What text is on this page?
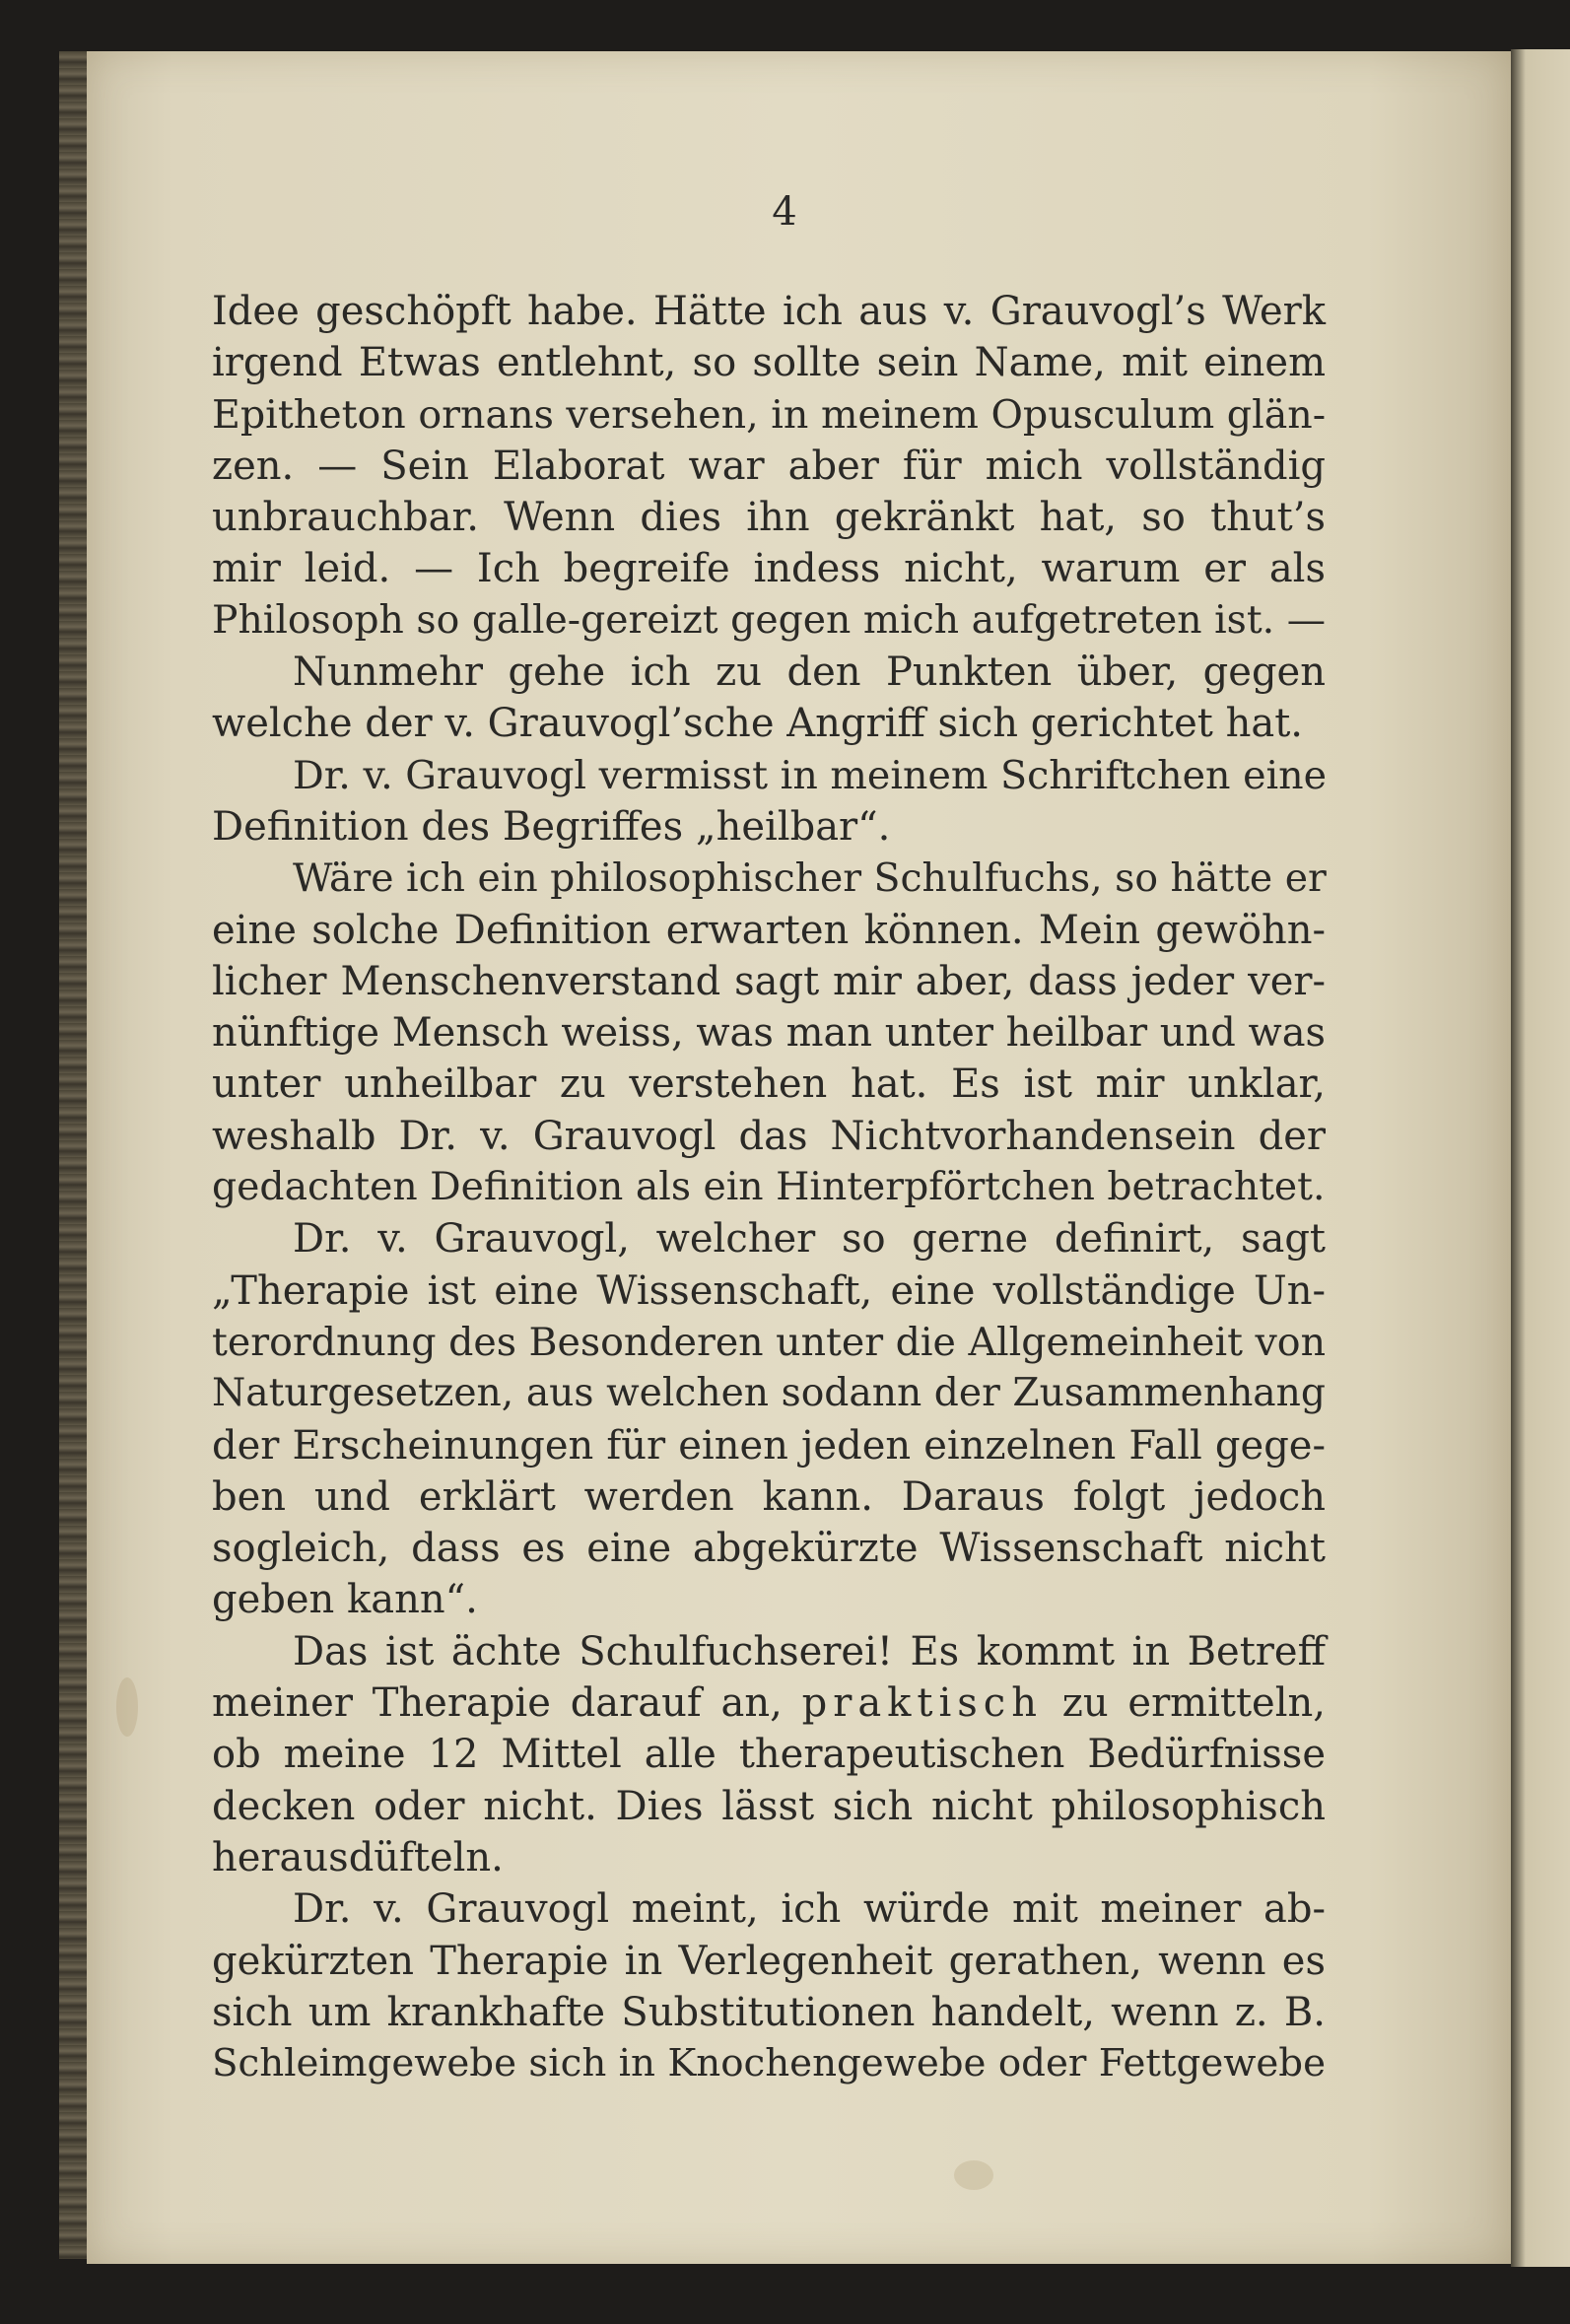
4
Idee geschöpft habe. Hätte ich aus v. Grauvogl’s Werk
irgend Etwas entlehnt, so sollte sein Name, mit einem
Epitheton ornans versehen, in meinem Opusculum glän-
zen. — Sein Elaborat war aber für mich vollständig
unbrauchbar. Wenn dies ihn gekränkt hat, so thut’s
mir leid. — Ich begreife indess nicht, warum er als
Philosoph so galle-gereizt gegen mich aufgetreten ist. —
Nunmehr gehe ich zu den Punkten über, gegen
welche der v. Grauvogl’sche Angriff sich gerichtet hat.
Dr. v. Grauvogl vermisst in meinem Schriftchen eine
Definition des Begriffes „heilbar“.
Wäre ich ein philosophischer Schulfuchs, so hätte er
eine solche Definition erwarten können. Mein gewöhn-
licher Menschenverstand sagt mir aber, dass jeder ver-
nünftige Mensch weiss, was man unter heilbar und was
unter unheilbar zu verstehen hat. Es ist mir unklar,
weshalb Dr. v. Grauvogl das Nichtvorhandensein der
gedachten Definition als ein Hinterpförtchen betrachtet.
Dr. v. Grauvogl, welcher so gerne definirt, sagt
„Therapie ist eine Wissenschaft, eine vollständige Un-
terordnung des Besonderen unter die Allgemeinheit von
Naturgesetzen, aus welchen sodann der Zusammenhang
der Erscheinungen für einen jeden einzelnen Fall gege-
ben und erklärt werden kann. Daraus folgt jedoch
sogleich, dass es eine abgekürzte Wissenschaft nicht
geben kann“.
Das ist ächte Schulfuchserei! Es kommt in Betreff
meiner Therapie darauf an, praktisch zu ermitteln,
ob meine 12 Mittel alle therapeutischen Bedürfnisse
decken oder nicht. Dies lässt sich nicht philosophisch
herausdüfteln.
Dr. v. Grauvogl meint, ich würde mit meiner ab-
gekürzten Therapie in Verlegenheit gerathen, wenn es
sich um krankhafte Substitutionen handelt, wenn z. B.
Schleimgewebe sich in Knochengewebe oder Fettgewebe
